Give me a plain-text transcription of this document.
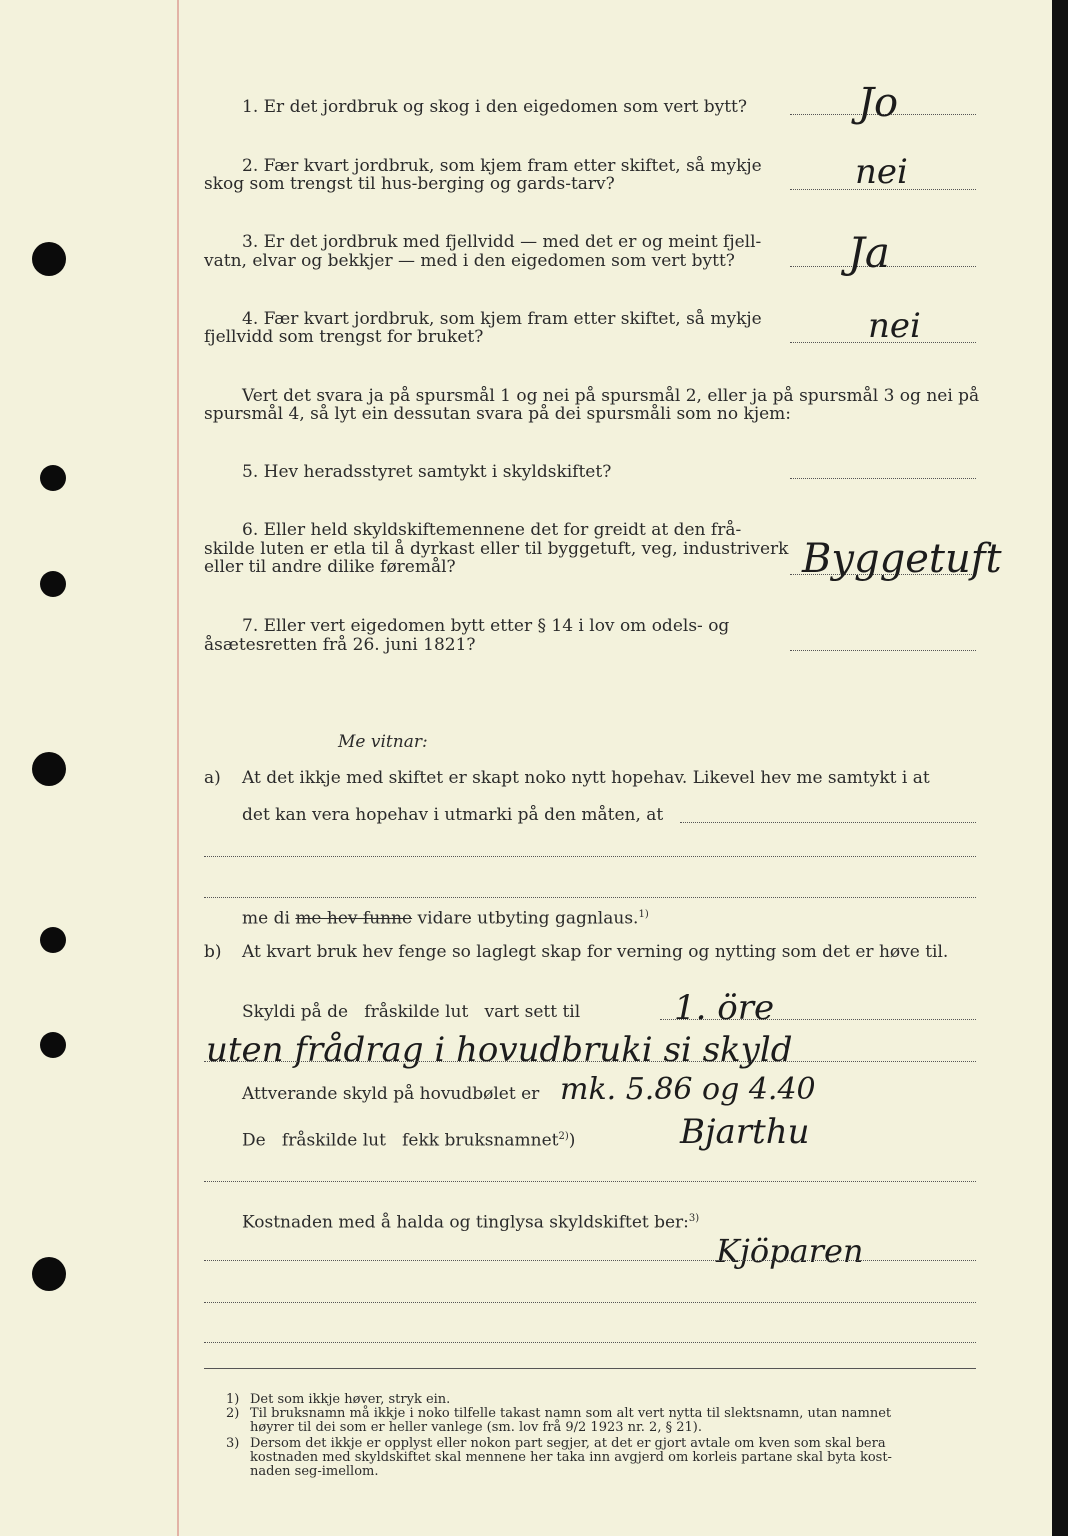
1. Er det jordbruk og skog i den eigedomen som vert bytt?	Jo
2. Fær kvart jordbruk, som kjem fram etter skiftet, så mykje
skog som trengst til hus-berging og gards-tarv?	nei
3. Er det jordbruk med fjellvidd — med det er og meint fjell-
vatn, elvar og bekkjer — med i den eigedomen som vert bytt?	Ja
4. Fær kvart jordbruk, som kjem fram etter skiftet, så mykje
fjellvidd som trengst for bruket?	nei
Vert det svara ja på spursmål 1 og nei på spursmål 2, eller ja på spursmål 3 og nei på
spursmål 4, så lyt ein dessutan svara på dei spursmåli som no kjem:
5. Hev heradsstyret samtykt i skyldskiftet?
6. Eller held skyldskiftemennene det for greidt at den frå-
skilde luten er etla til å dyrkast eller til byggetuft, veg, industriverk
eller til andre dilike føremål?	Byggetuft
7. Eller vert eigedomen bytt etter § 14 i lov om odels- og
åsætesretten frå 26. juni 1821?
Me vitnar:
a) At det ikkje med skiftet er skapt noko nytt hopehav. Likevel hev me samtykt i at
det kan vera hopehav i utmarki på den måten, at
me di me hev funne vidare utbyting gagnlaus.$^{1)}$
b) At kvart bruk hev fenge so laglegt skap for verning og nytting som det er høve til.
Skyldi på de   fråskilde lut   vart sett til	1. öre
uten frådrag i hovudbruki si skyld
Attverande skyld på hovudbølet er mk. 5.86 og 4.40
De   fråskilde lut   fekk bruksnamnet$^{2)}$)	Bjarthu
Kostnaden med å halda og tinglysa skyldskiftet ber:$^{3)}$
Kjöparen
1) Det som ikkje høver, stryk ein.
2) Til bruksnamn må ikkje i noko tilfelle takast namn som alt vert nytta til slektsnamn, utan namnet
høyrer til dei som er heller vanlege (sm. lov frå 9/2 1923 nr. 2, § 21).
3) Dersom det ikkje er opplyst eller nokon part segjer, at det er gjort avtale om kven som skal bera
kostnaden med skyldskiftet skal mennene her taka inn avgjerd om korleis partane skal byta kost-
naden seg-imellom.
